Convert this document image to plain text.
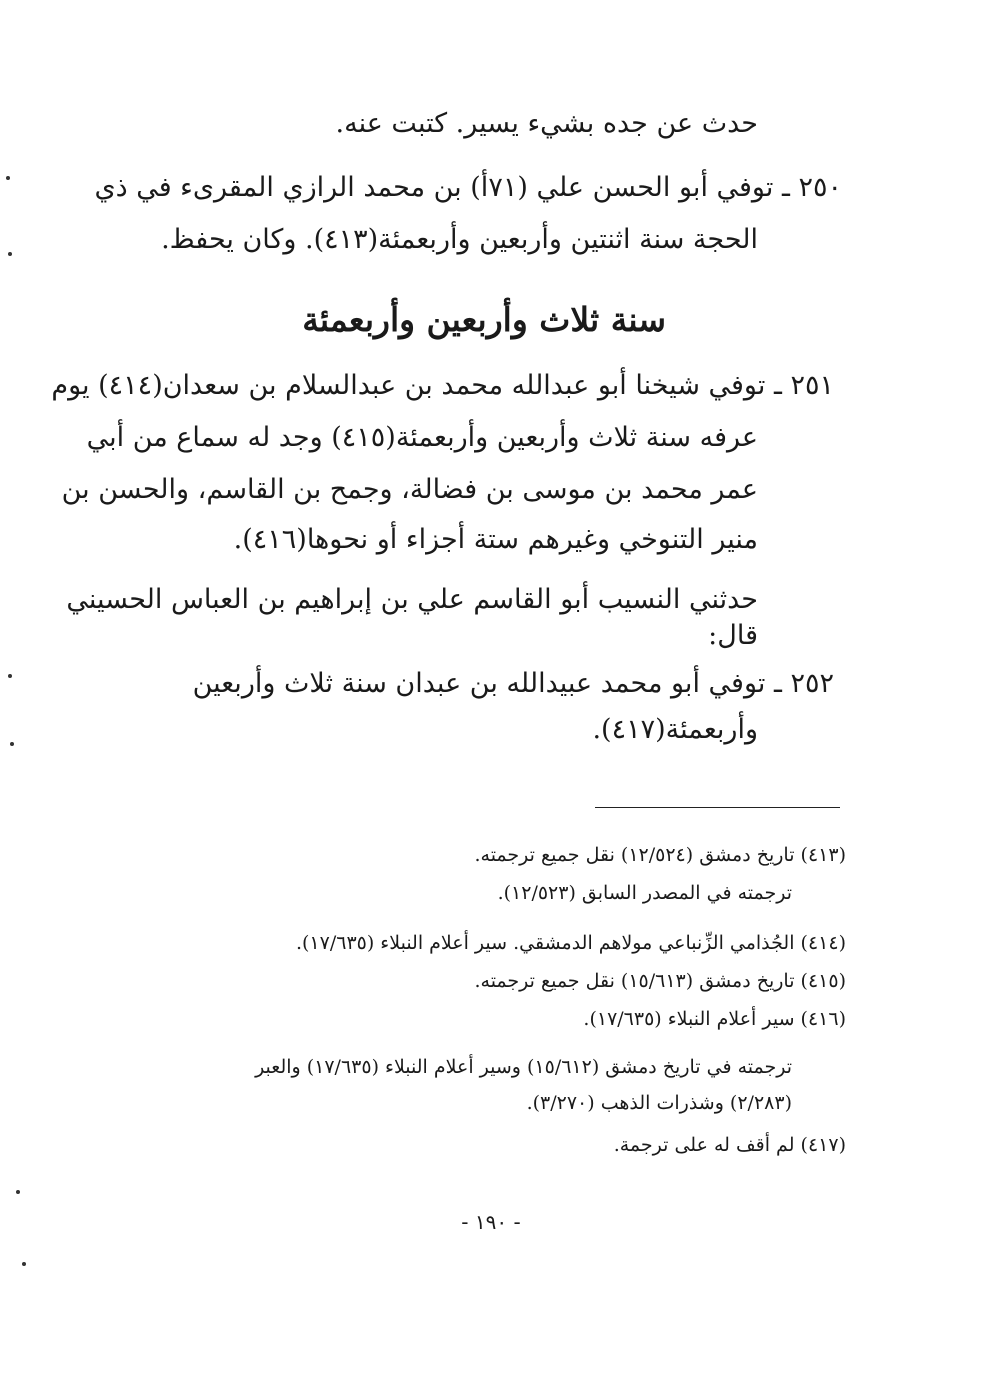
حدث عن جده بشيء يسير. كتبت عنه.
٢٥٠ ـ توفي أبو الحسن علي (٧١أ) بن محمد الرازي المقرىء في ذي
الحجة سنة اثنتين وأربعين وأربعمئة(٤١٣). وكان يحفظ.
سنة ثلاث وأربعين وأربعمئة
٢٥١ ـ توفي شيخنا أبو عبدالله محمد بن عبدالسلام بن سعدان(٤١٤) يوم
عرفه سنة ثلاث وأربعين وأربعمئة(٤١٥) وجد له سماع من أبي
عمر محمد بن موسى بن فضالة، وجمح بن القاسم، والحسن بن
منير التنوخي وغيرهم ستة أجزاء أو نحوها(٤١٦).
حدثني النسيب أبو القاسم علي بن إبراهيم بن العباس الحسيني
قال:
٢٥٢ ـ توفي أبو محمد عبيدالله بن عبدان سنة ثلاث وأربعين
وأربعمئة(٤١٧).
(٤١٣) تاريخ دمشق (١٢/٥٢٤) نقل جميع ترجمته.
ترجمته في المصدر السابق (١٢/٥٢٣).
(٤١٤) الجُذامي الزِّنباعي مولاهم الدمشقي. سير أعلام النبلاء (١٧/٦٣٥).
(٤١٥) تاريخ دمشق (١٥/٦١٣) نقل جميع ترجمته.
(٤١٦) سير أعلام النبلاء (١٧/٦٣٥).
ترجمته في تاريخ دمشق (١٥/٦١٢) وسير أعلام النبلاء (١٧/٦٣٥) والعبر
(٢/٢٨٣) وشذرات الذهب (٣/٢٧٠).
(٤١٧) لم أقف له على ترجمة.
- ١٩٠ -
